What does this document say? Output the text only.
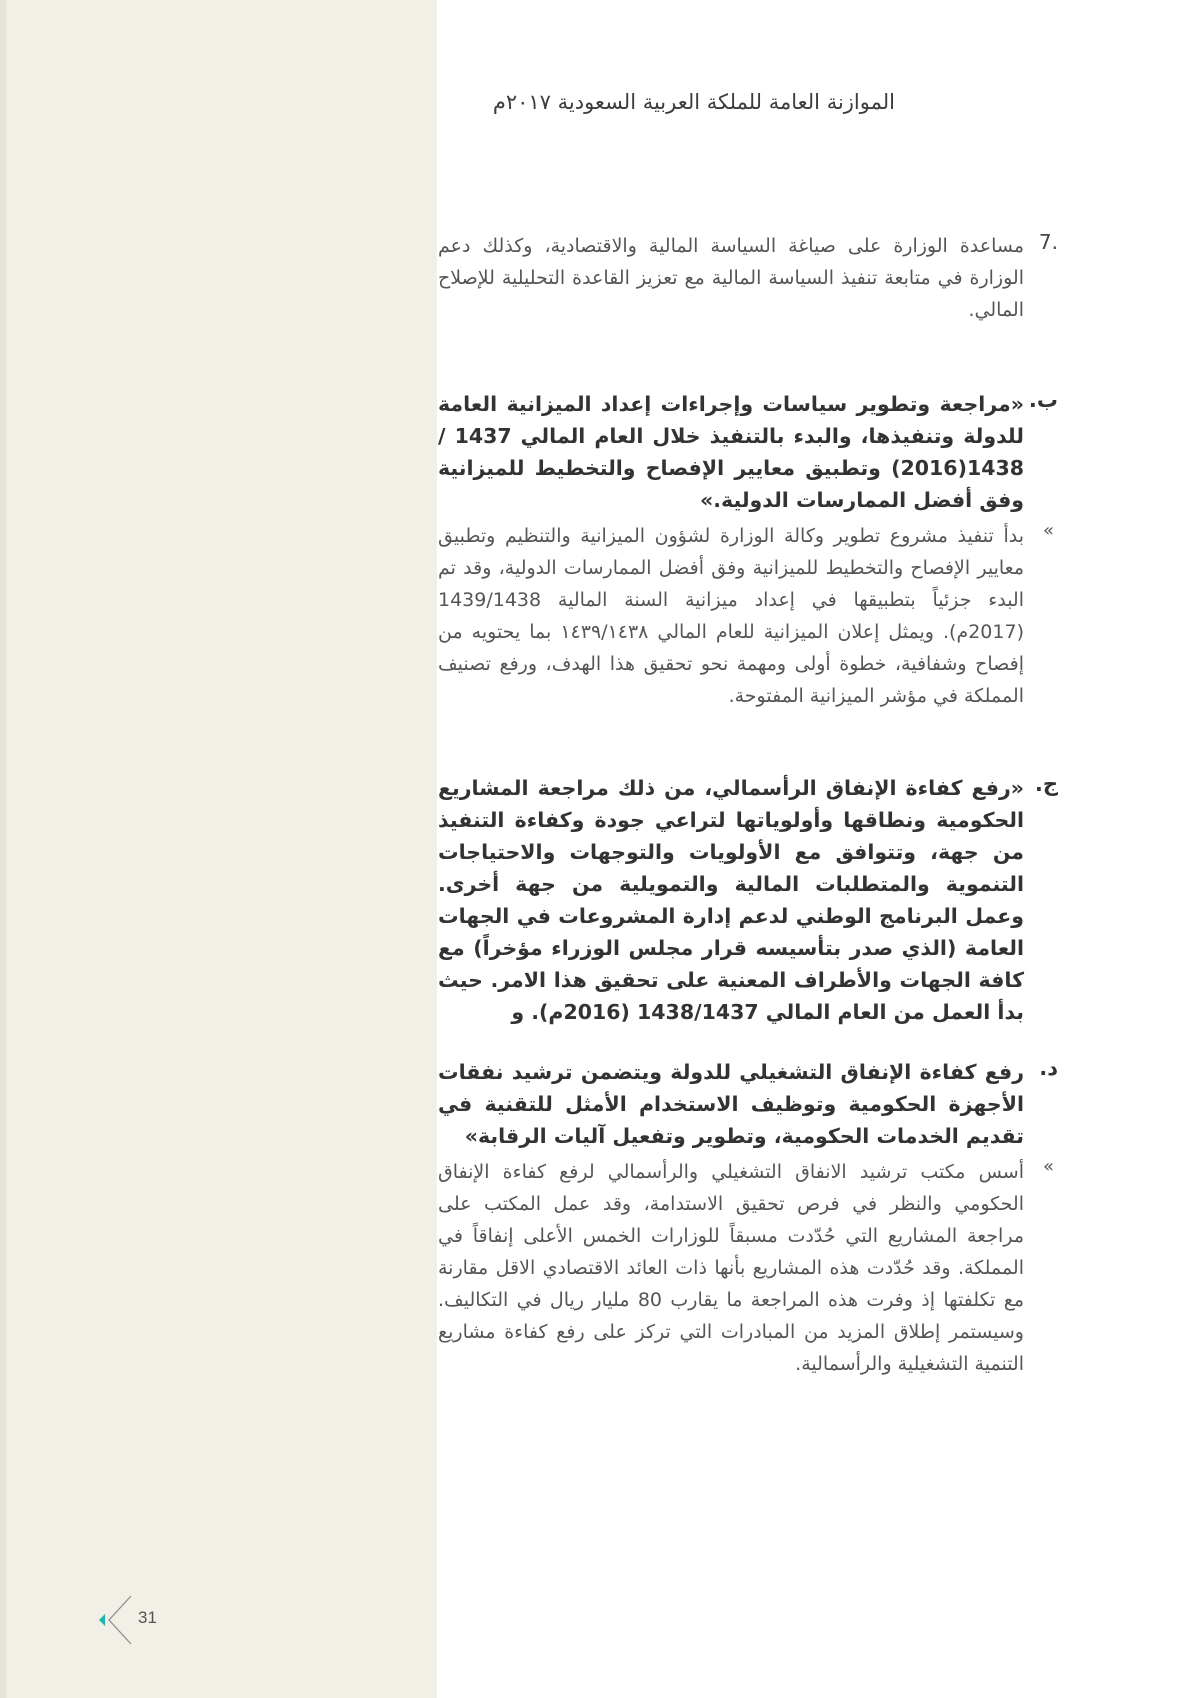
الموازنة العامة للملكة العربية السعودية ٢٠١٧م
.7
مساعدة الوزارة على صياغة السياسة المالية والاقتصادية، وكذلك دعم الوزارة في متابعة تنفيذ السياسة المالية مع تعزيز القاعدة التحليلية للإصلاح المالي.
ب.
«مراجعة وتطوير سياسات وإجراءات إعداد الميزانية العامة للدولة وتنفيذها، والبدء بالتنفيذ خلال العام المالي 1437 / 1438(2016) وتطبيق معايير الإفصاح والتخطيط للميزانية وفق أفضل الممارسات الدولية.»
»
بدأ تنفيذ مشروع تطوير وكالة الوزارة لشؤون الميزانية والتنظيم وتطبيق معايير الإفصاح والتخطيط للميزانية وفق أفضل الممارسات الدولية، وقد تم البدء جزئياً بتطبيقها في إعداد ميزانية السنة المالية 1439/1438 (2017م). ويمثل إعلان الميزانية للعام المالي ١٤٣٩/١٤٣٨ بما يحتويه من إفصاح وشفافية، خطوة أولى ومهمة نحو تحقيق هذا الهدف، ورفع تصنيف المملكة في مؤشر الميزانية المفتوحة.
ج.
«رفع كفاءة الإنفاق الرأسمالي، من ذلك مراجعة المشاريع الحكومية ونطاقها وأولوياتها لتراعي جودة وكفاءة التنفيذ من جهة، وتتوافق مع الأولويات والتوجهات والاحتياجات التنموية والمتطلبات المالية والتمويلية من جهة أخرى. وعمل البرنامج الوطني لدعم إدارة المشروعات في الجهات العامة (الذي صدر بتأسيسه قرار مجلس الوزراء مؤخراً) مع كافة الجهات والأطراف المعنية على تحقيق هذا الامر. حيث بدأ العمل من العام المالي 1438/1437 (2016م). و
د.
رفع كفاءة الإنفاق التشغيلي للدولة ويتضمن ترشيد نفقات الأجهزة الحكومية وتوظيف الاستخدام الأمثل للتقنية في تقديم الخدمات الحكومية، وتطوير وتفعيل آليات الرقابة»
»
أسس مكتب ترشيد الانفاق التشغيلي والرأسمالي لرفع كفاءة الإنفاق الحكومي والنظر في فرص تحقيق الاستدامة، وقد عمل المكتب على مراجعة المشاريع التي حُدّدت مسبقاً للوزارات الخمس الأعلى إنفاقاً في المملكة. وقد حُدّدت هذه المشاريع بأنها ذات العائد الاقتصادي الاقل مقارنة مع تكلفتها إذ وفرت هذه المراجعة ما يقارب 80 مليار ريال في التكاليف. وسيستمر إطلاق المزيد من المبادرات التي تركز على رفع كفاءة مشاريع التنمية التشغيلية والرأسمالية.
31
